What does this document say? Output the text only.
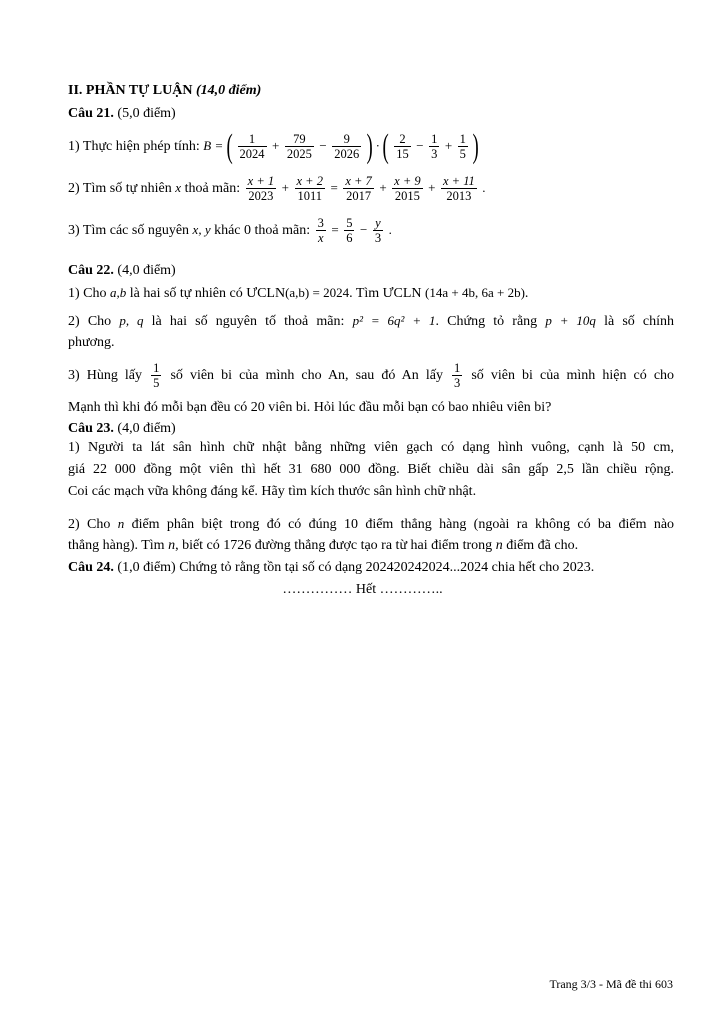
II. PHẦN TỰ LUẬN (14,0 điểm)
Câu 21. (5,0 điểm)
1) Thực hiện phép tính: B = ( $\frac{1}{2024} + \frac{79}{2025} - \frac{9}{2026}$ ) · ( $\frac{2}{15} - \frac{1}{3} + \frac{1}{5}$ )
2) Tìm số tự nhiên x thoả mãn: $\frac{x + 1}{2023} + \frac{x + 2}{1011} = \frac{x + 7}{2017} + \frac{x + 9}{2015} + \frac{x + 11}{2013}$ .
3) Tìm các số nguyên x, y khác 0 thoả mãn: $\frac{3}{x} = \frac{5}{6} - \frac{y}{3}$ .
Câu 22. (4,0 điểm)
1) Cho a,b là hai số tự nhiên có ƯCLN(a,b) = 2024. Tìm ƯCLN (14a + 4b, 6a + 2b).
2) Cho p, q là hai số nguyên tố thoả mãn: p² = 6q² + 1. Chứng tỏ rằng p + 10q là số chính
phương.
3) Hùng lấy $\frac{1}{5}$ số viên bi của mình cho An, sau đó An lấy $\frac{1}{3}$ số viên bi của mình hiện có cho
Mạnh thì khi đó mỗi bạn đều có 20 viên bi. Hỏi lúc đầu mỗi bạn có bao nhiêu viên bi?
Câu 23. (4,0 điểm)
1) Người ta lát sân hình chữ nhật bằng những viên gạch có dạng hình vuông, cạnh là 50 cm,
giá 22 000 đồng một viên thì hết 31 680 000 đồng. Biết chiều dài sân gấp 2,5 lần chiều rộng.
Coi các mạch vữa không đáng kể. Hãy tìm kích thước sân hình chữ nhật.
2) Cho n điểm phân biệt trong đó có đúng 10 điểm thẳng hàng (ngoài ra không có ba điểm nào
thẳng hàng). Tìm n, biết có 1726 đường thẳng được tạo ra từ hai điểm trong n điểm đã cho.
Câu 24. (1,0 điểm) Chứng tỏ rằng tồn tại số có dạng 202420242024...2024 chia hết cho 2023.
…………… Hết …………..
Trang 3/3 - Mã đề thi 603
